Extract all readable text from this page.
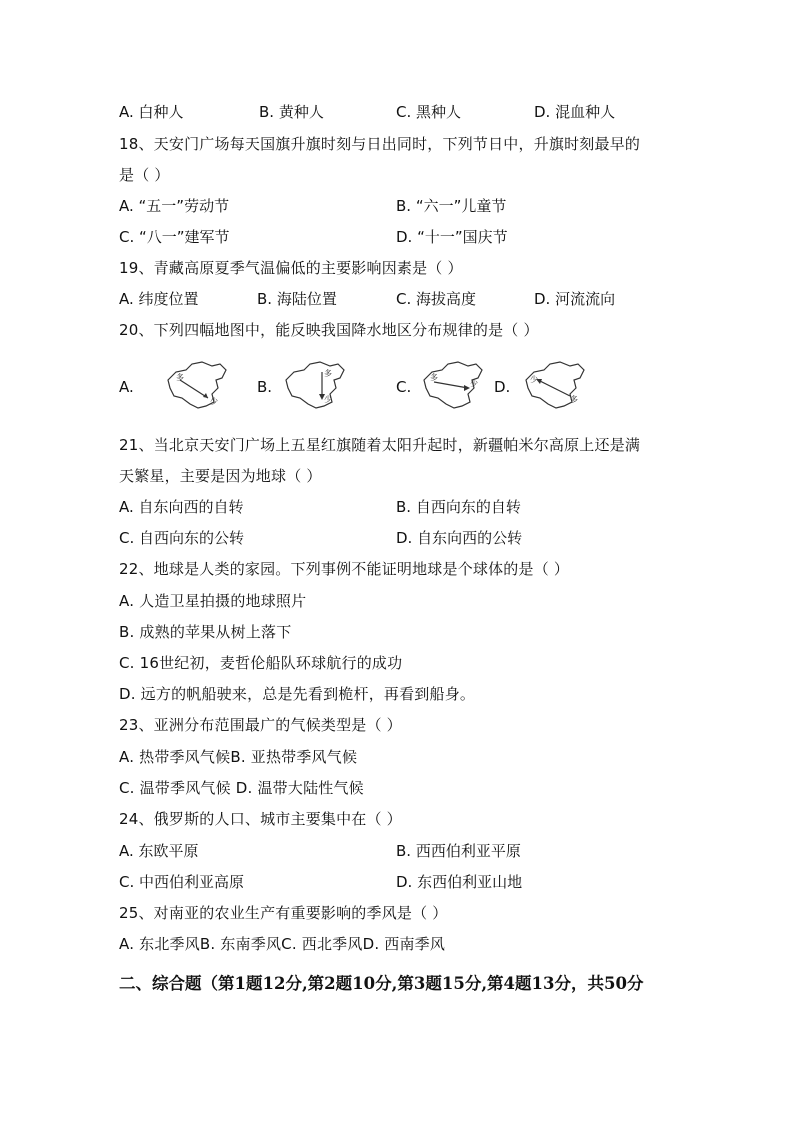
A. 白种人	B. 黄种人	C. 黑种人	D. 混血种人
18、天安门广场每天国旗升旗时刻与日出同时，下列节日中，升旗时刻最早的
是（ ）
A. “五一”劳动节	B. “六一”儿童节
C. “八一”建军节	D. “十一”国庆节
19、青藏高原夏季气温偏低的主要影响因素是（ ）
A. 纬度位置	B. 海陆位置	C. 海拔高度	D. 河流流向
20、下列四幅地图中，能反映我国降水地区分布规律的是（ ）
A.
多
少
B.
多
少
C.
多
少 D. 少
多
21、当北京天安门广场上五星红旗随着太阳升起时，新疆帕米尔高原上还是满
天繁星，主要是因为地球（ ）
A. 自东向西的自转	B. 自西向东的自转
C. 自西向东的公转	D. 自东向西的公转
22、地球是人类的家园。下列事例不能证明地球是个球体的是（ ）
A. 人造卫星拍摄的地球照片
B. 成熟的苹果从树上落下
C. 16世纪初，麦哲伦船队环球航行的成功
D. 远方的帆船驶来，总是先看到桅杆，再看到船身。
23、亚洲分布范围最广的气候类型是（ ）
A. 热带季风气候B. 亚热带季风气候
C. 温带季风气候 D. 温带大陆性气候
24、俄罗斯的人口、城市主要集中在（ ）
A. 东欧平原	B. 西西伯利亚平原
C. 中西伯利亚高原	D. 东西伯利亚山地
25、对南亚的农业生产有重要影响的季风是（ ）
A. 东北季风B. 东南季风C. 西北季风D. 西南季风
二、综合题（第1题12分,第2题10分,第3题15分,第4题13分，共50分
